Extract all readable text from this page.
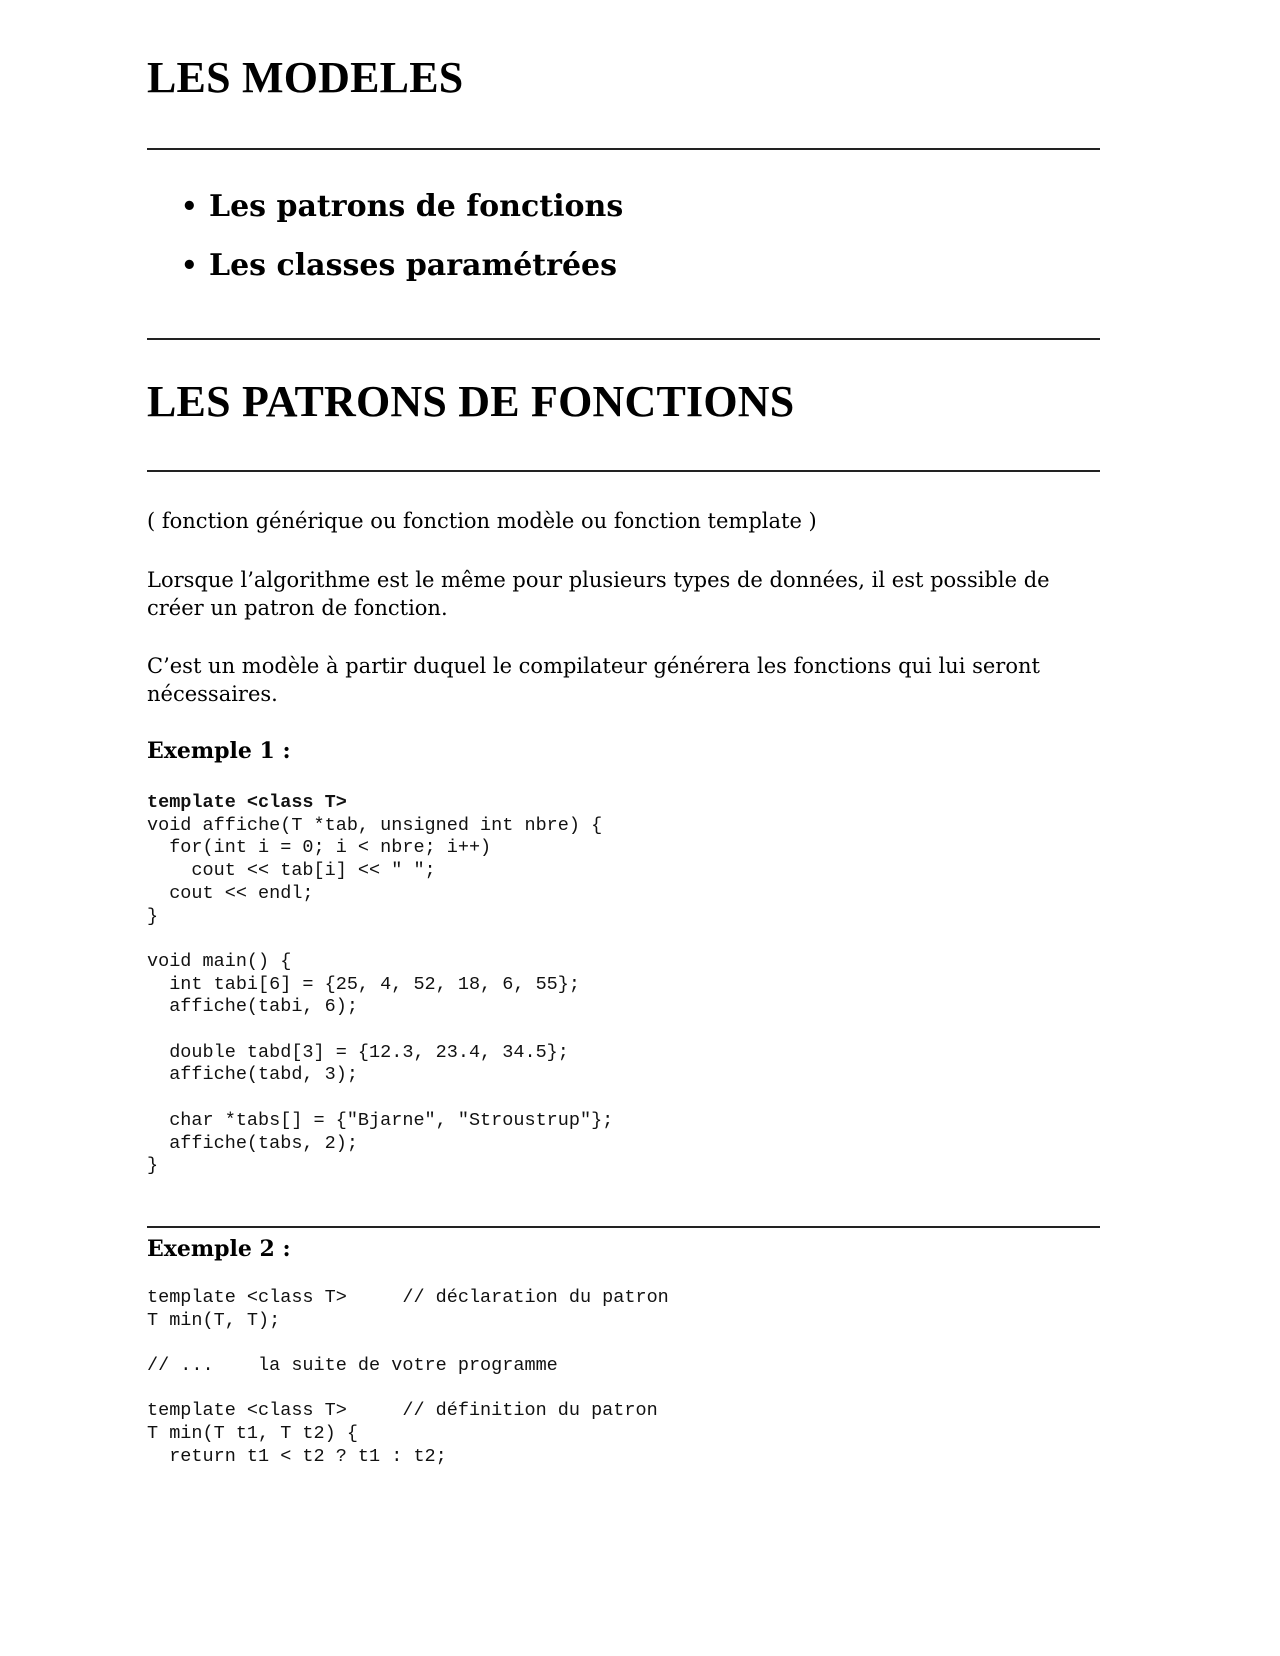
LES MODELES
• Les patrons de fonctions
• Les classes paramétrées
LES PATRONS DE FONCTIONS

( fonction générique ou fonction modèle ou fonction template )

Lorsque l’algorithme est le même pour plusieurs types de données, il est possible de créer un patron de fonction.

C’est un modèle à partir duquel le compilateur générera les fonctions qui lui seront nécessaires.

Exemple 1 :

template <class T>
void affiche(T *tab, unsigned int nbre) {
for(int i = 0; i < nbre; i++)
cout << tab[i] << " ";
cout << endl;
}
void main() {
int tabi[6] = {25, 4, 52, 18, 6, 55};
affiche(tabi, 6);
double tabd[3] = {12.3, 23.4, 34.5};
affiche(tabd, 3);
char *tabs[] = {"Bjarne", "Stroustrup"};
affiche(tabs, 2);
}

Exemple 2 :

template <class T>     // déclaration du patron
T min(T, T);
// ...    la suite de votre programme
template <class T>     // définition du patron
T min(T t1, T t2) {
return t1 < t2 ? t1 : t2;
